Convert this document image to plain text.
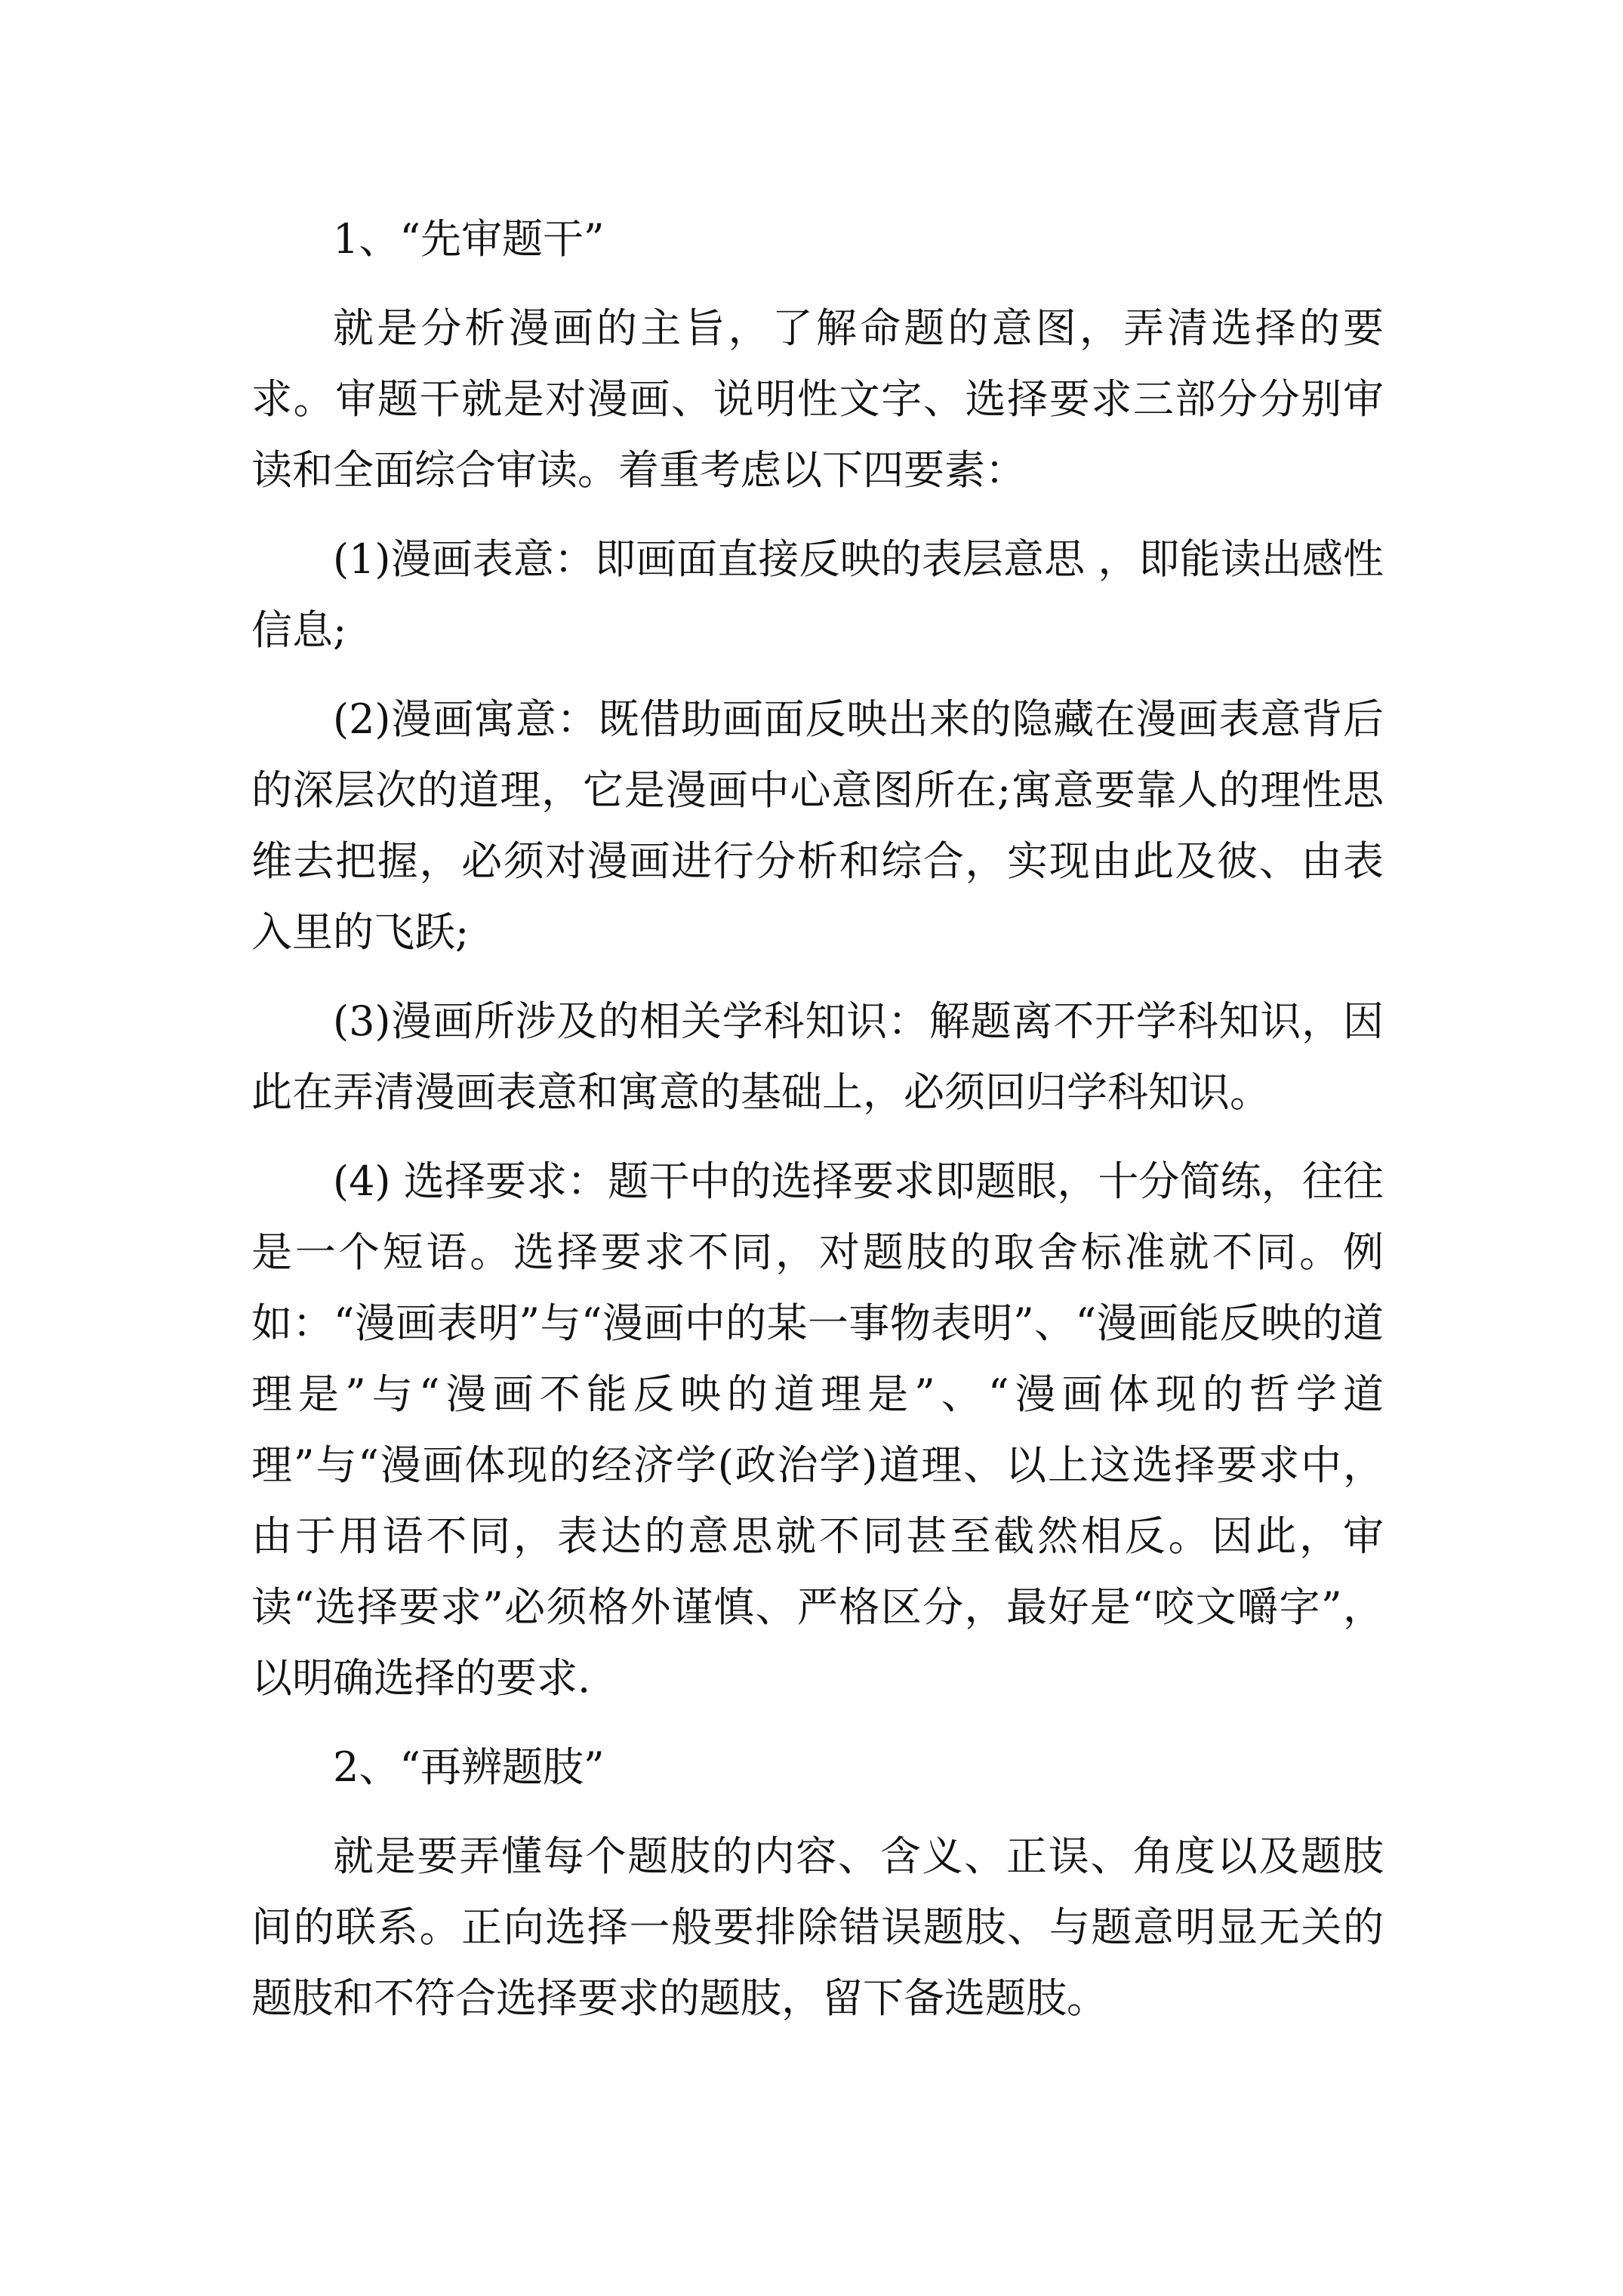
1、“先审题干”

就是分析漫画的主旨，了解命题的意图，弄清选择的要求。审题干就是对漫画、说明性文字、选择要求三部分分别审读和全面综合审读。着重考虑以下四要素：

(1)漫画表意：即画面直接反映的表层意思 ，即能读出感性信息;

(2)漫画寓意：既借助画面反映出来的隐藏在漫画表意背后的深层次的道理，它是漫画中心意图所在;寓意要靠人的理性思维去把握，必须对漫画进行分析和综合，实现由此及彼、由表入里的飞跃;

(3)漫画所涉及的相关学科知识：解题离不开学科知识，因此在弄清漫画表意和寓意的基础上，必须回归学科知识。

(4) 选择要求：题干中的选择要求即题眼，十分简练，往往是一个短语。选择要求不同，对题肢的取舍标准就不同。例如：“漫画表明”与“漫画中的某一事物表明”、“漫画能反映的道理是”与“漫画不能反映的道理是”、“漫画体现的哲学道理”与“漫画体现的经济学(政治学)道理、以上这选择要求中，由于用语不同，表达的意思就不同甚至截然相反。因此，审读“选择要求”必须格外谨慎、严格区分，最好是“咬文嚼字”，以明确选择的要求.

2、“再辨题肢”

就是要弄懂每个题肢的内容、含义、正误、角度以及题肢间的联系。正向选择一般要排除错误题肢、与题意明显无关的题肢和不符合选择要求的题肢，留下备选题肢。
